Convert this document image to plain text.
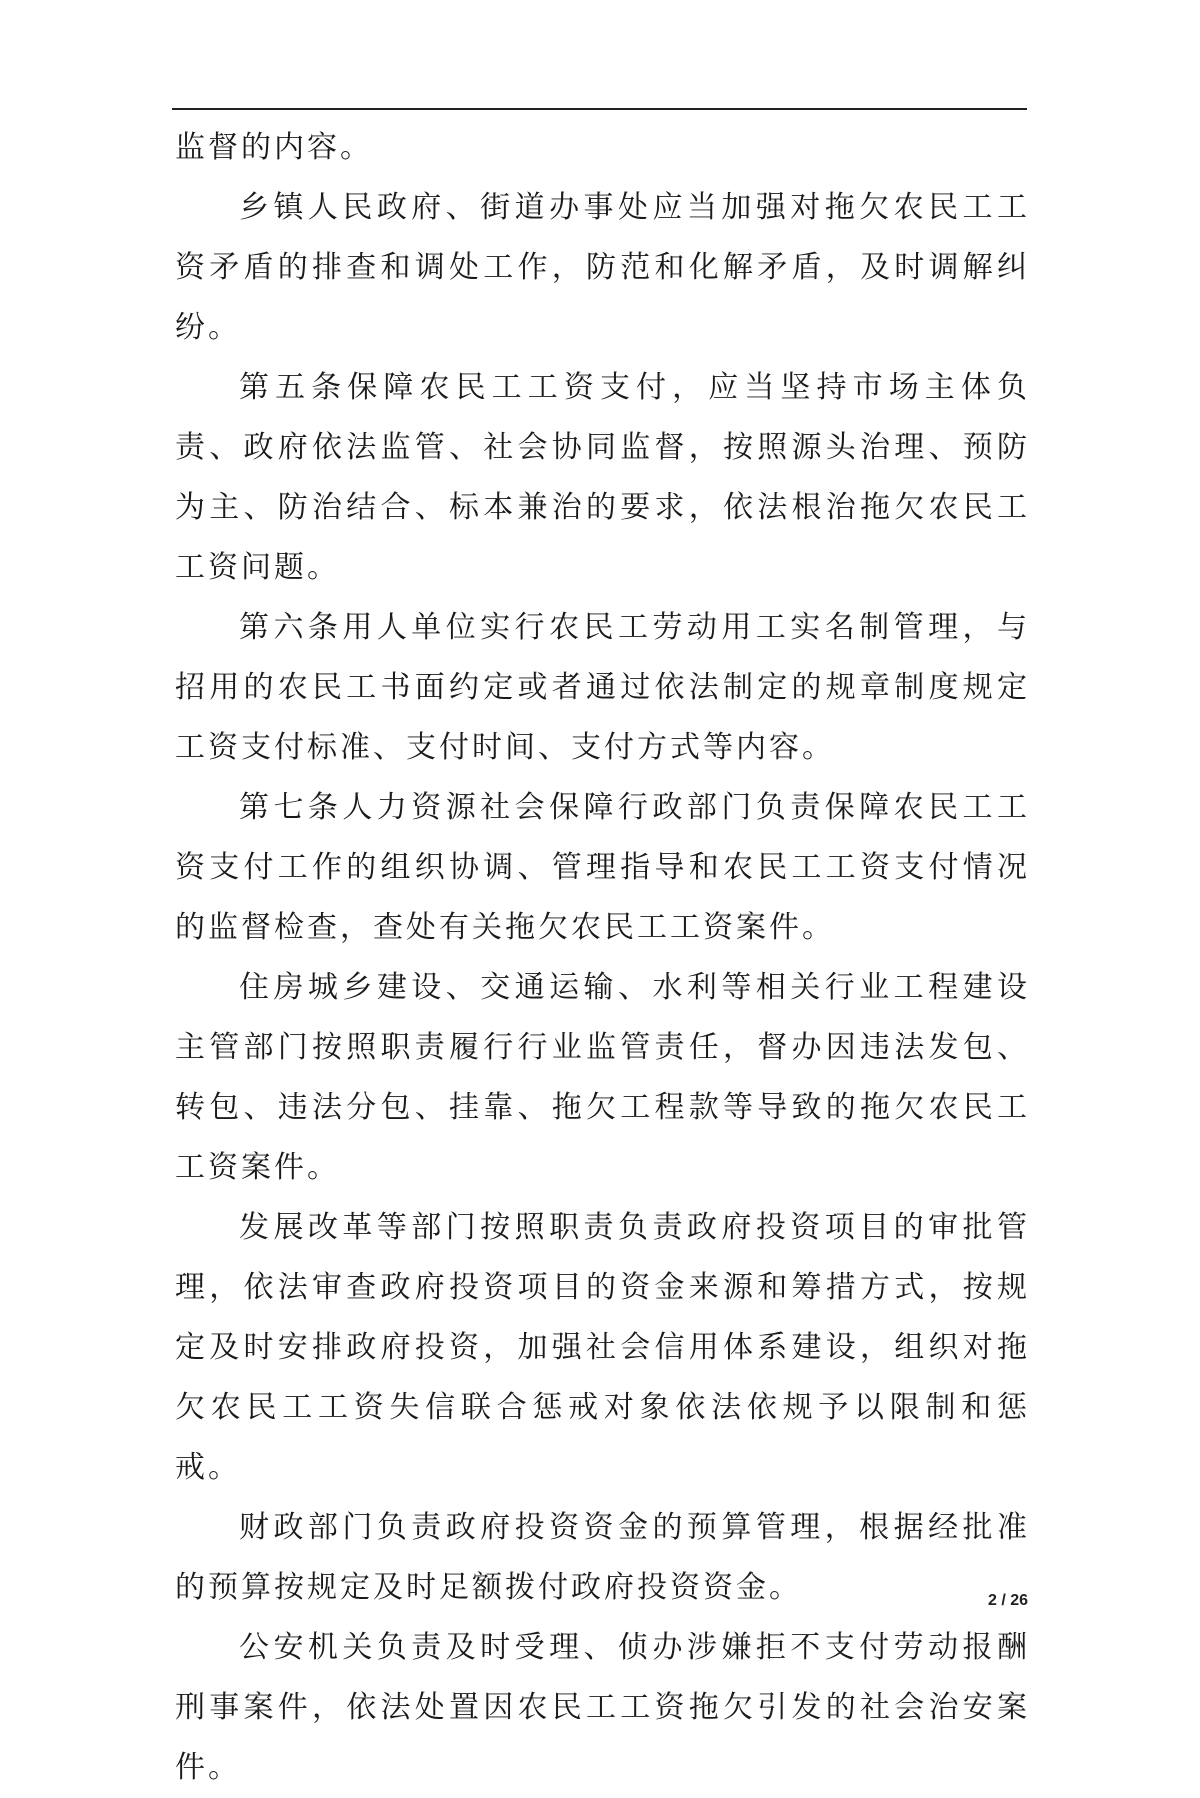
监督的内容。

乡镇人民政府、街道办事处应当加强对拖欠农民工工资矛盾的排查和调处工作，防范和化解矛盾，及时调解纠纷。

第五条保障农民工工资支付，应当坚持市场主体负责、政府依法监管、社会协同监督，按照源头治理、预防为主、防治结合、标本兼治的要求，依法根治拖欠农民工工资问题。

第六条用人单位实行农民工劳动用工实名制管理，与招用的农民工书面约定或者通过依法制定的规章制度规定工资支付标准、支付时间、支付方式等内容。

第七条人力资源社会保障行政部门负责保障农民工工资支付工作的组织协调、管理指导和农民工工资支付情况的监督检查，查处有关拖欠农民工工资案件。

住房城乡建设、交通运输、水利等相关行业工程建设主管部门按照职责履行行业监管责任，督办因违法发包、转包、违法分包、挂靠、拖欠工程款等导致的拖欠农民工工资案件。

发展改革等部门按照职责负责政府投资项目的审批管理，依法审查政府投资项目的资金来源和筹措方式，按规定及时安排政府投资，加强社会信用体系建设，组织对拖欠农民工工资失信联合惩戒对象依法依规予以限制和惩戒。

财政部门负责政府投资资金的预算管理，根据经批准的预算按规定及时足额拨付政府投资资金。

公安机关负责及时受理、侦办涉嫌拒不支付劳动报酬刑事案件，依法处置因农民工工资拖欠引发的社会治安案件。

2 / 26
